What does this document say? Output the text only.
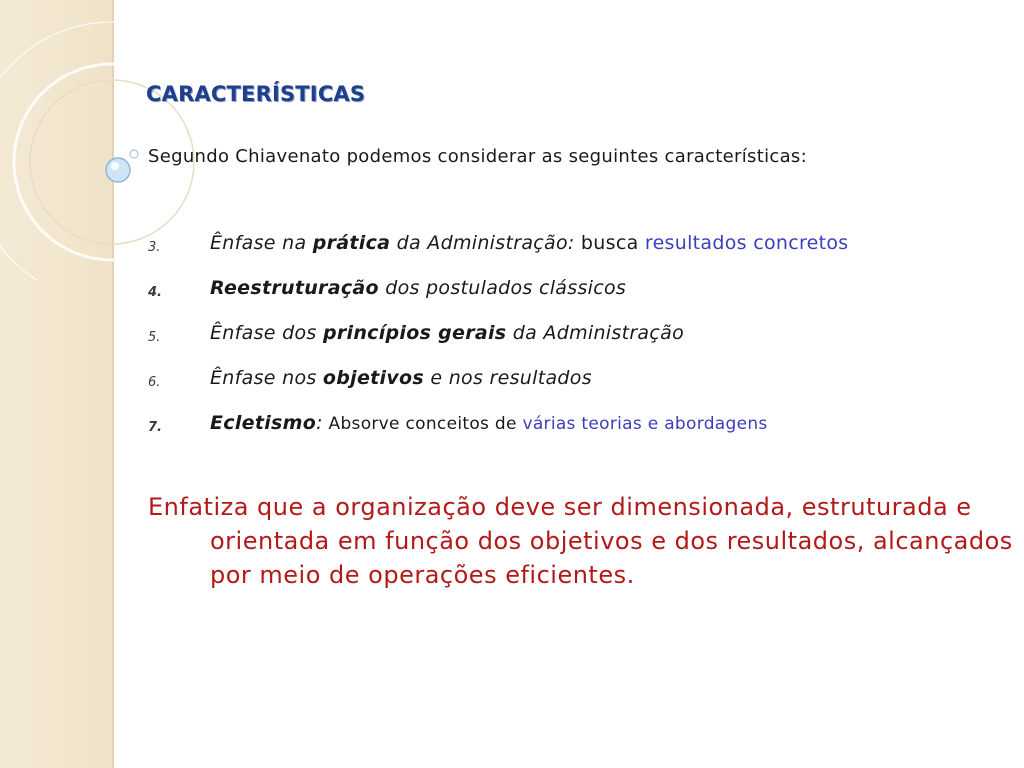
CARACTERÍSTICAS
Segundo Chiavenato podemos considerar as seguintes características:
3.	Ênfase na prática da Administração: busca resultados concretos
4.	Reestruturação dos postulados clássicos
5.	Ênfase dos princípios gerais da Administração
6.	Ênfase nos objetivos e nos resultados
7.	Ecletismo: Absorve conceitos de várias teorias e abordagens

Enfatiza que a organização deve ser dimensionada, estruturada e orientada em função dos objetivos e dos resultados, alcançados por meio de operações eficientes.
